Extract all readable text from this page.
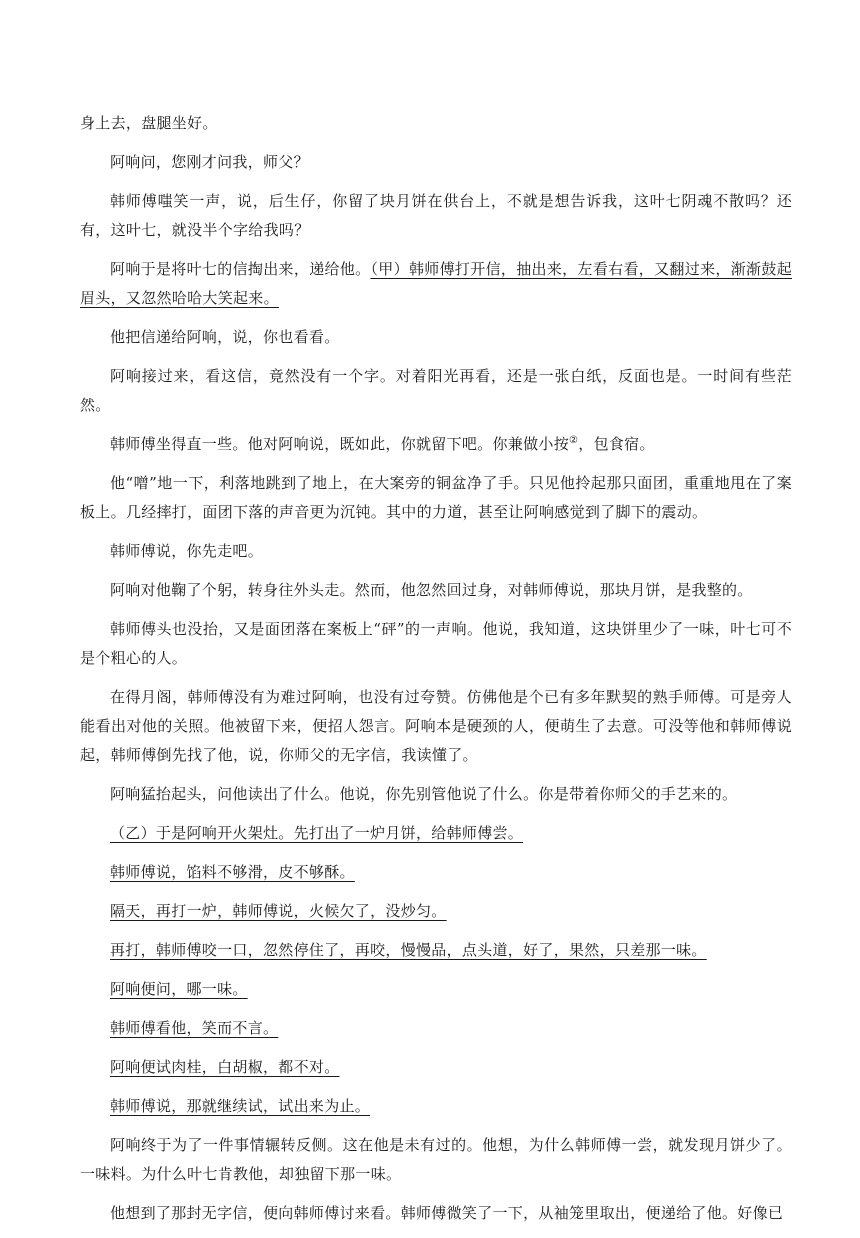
身上去，盘腿坐好。

阿响问，您刚才问我，师父？

韩师傅嗤笑一声，说，后生仔，你留了块月饼在供台上，不就是想告诉我，这叶七阴魂不散吗？还有，这叶七，就没半个字给我吗？

阿响于是将叶七的信掏出来，递给他。（甲）韩师傅打开信，抽出来，左看右看，又翻过来，渐渐鼓起眉头，又忽然哈哈大笑起来。

他把信递给阿响，说，你也看看。

阿响接过来，看这信，竟然没有一个字。对着阳光再看，还是一张白纸，反面也是。一时间有些茫然。

韩师傅坐得直一些。他对阿响说，既如此，你就留下吧。你兼做小按②，包食宿。

他“噌”地一下，利落地跳到了地上，在大案旁的铜盆净了手。只见他拎起那只面团，重重地甩在了案板上。几经摔打，面团下落的声音更为沉钝。其中的力道，甚至让阿响感觉到了脚下的震动。

韩师傅说，你先走吧。

阿响对他鞠了个躬，转身往外头走。然而，他忽然回过身，对韩师傅说，那块月饼，是我整的。

韩师傅头也没抬，又是面团落在案板上“砰”的一声响。他说，我知道，这块饼里少了一味，叶七可不是个粗心的人。

在得月阁，韩师傅没有为难过阿响，也没有过夸赞。仿佛他是个已有多年默契的熟手师傅。可是旁人能看出对他的关照。他被留下来，便招人怨言。阿响本是硬颈的人，便萌生了去意。可没等他和韩师傅说起，韩师傅倒先找了他，说，你师父的无字信，我读懂了。

阿响猛抬起头，问他读出了什么。他说，你先别管他说了什么。你是带着你师父的手艺来的。

（乙）于是阿响开火架灶。先打出了一炉月饼，给韩师傅尝。

韩师傅说，馅料不够滑，皮不够酥。

隔天，再打一炉，韩师傅说，火候欠了，没炒匀。

再打，韩师傅咬一口，忽然停住了，再咬，慢慢品，点头道，好了，果然，只差那一味。

阿响便问，哪一味。

韩师傅看他，笑而不言。

阿响便试肉桂，白胡椒，都不对。

韩师傅说，那就继续试，试出来为止。

阿响终于为了一件事情辗转反侧。这在他是未有过的。他想，为什么韩师傅一尝，就发现月饼少了。一味料。为什么叶七肯教他，却独留下那一味。

他想到了那封无字信，便向韩师傅讨来看。韩师傅微笑了一下，从袖笼里取出，便递给了他。好像已
